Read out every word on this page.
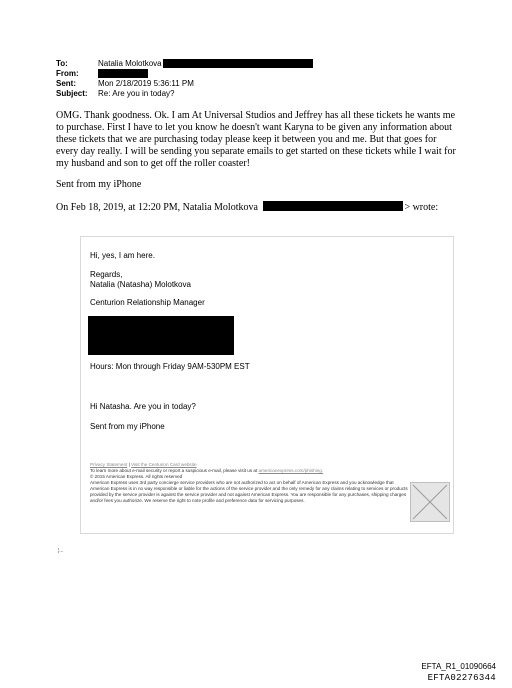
To:	Natalia Molotkova
From:
Sent:	Mon 2/18/2019 5:36:11 PM
Subject:	Re: Are you in today?
OMG. Thank goodness. Ok. I am At Universal Studios and Jeffrey has all these tickets he wants me to purchase. First I have to let you know he doesn't want Karyna to be given any information about these tickets that we are purchasing today please keep it between you and me. But that goes for every day really. I will be sending you separate emails to get started on these tickets while I wait for my husband and son to get off the roller coaster!
Sent from my iPhone
On Feb 18, 2019, at 12:20 PM, Natalia Molotkova	> wrote:
Hi, yes, I am here.
Regards,
Natalia (Natasha) Molotkova
Centurion Relationship Manager
Hours: Mon through Friday 9AM-530PM EST
Hi Natasha. Are you in today?
Sent from my iPhone

Privacy Statement | Visit the Centurion Card website

To learn more about e-mail security or report a suspicious e-mail, please visit us at americanexpress.com/phishing.

© 2015 American Express. All rights reserved

American Express uses 3rd party concierge service providers who are not authorized to act on behalf of American Express and you acknowledge that American Express is in no way responsible or liable for the actions of the service provider and the only remedy for any claims relating to services or products provided by the service provider is against the service provider and not against American Express. You are responsible for any purchases, shipping charges and/or fees you authorize. We reserve the right to note profile and preference data for servicing purposes.

¦...
EFTA_R1_01090664
EFTA02276344
